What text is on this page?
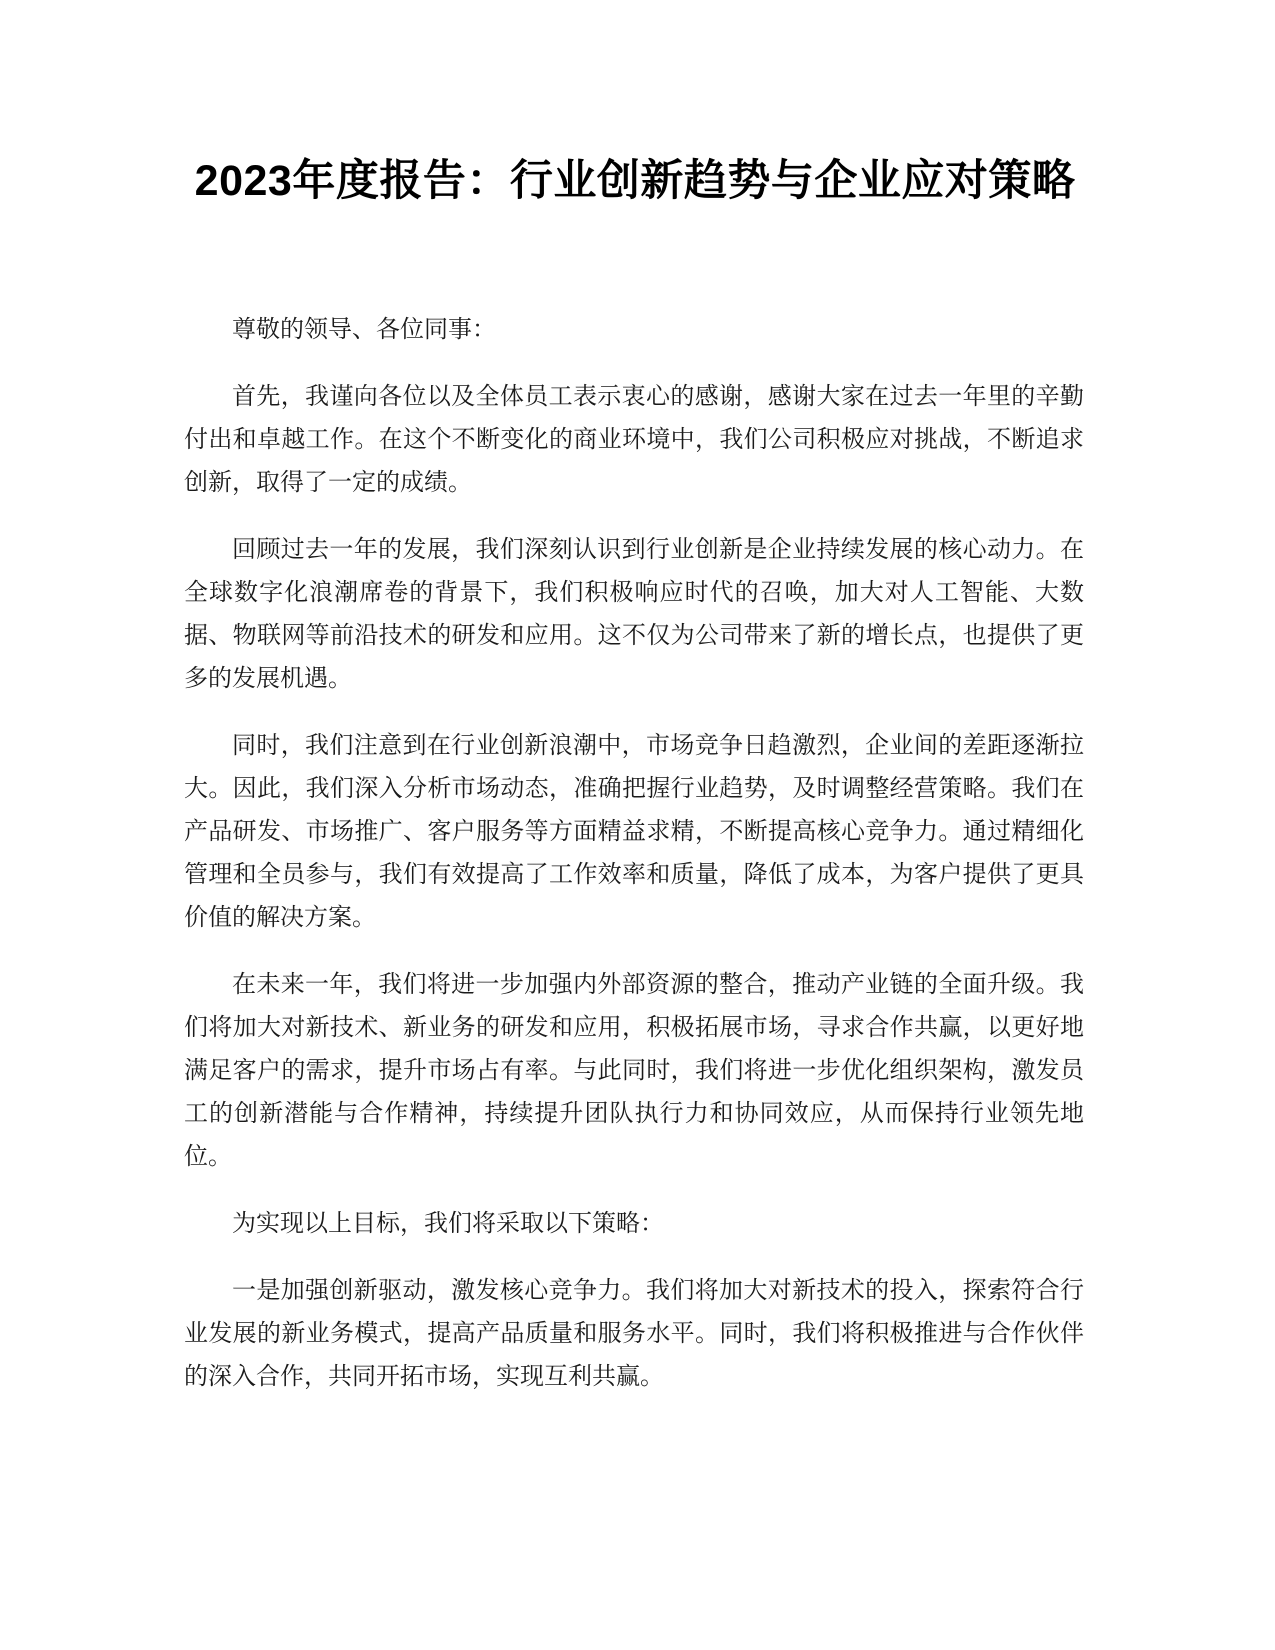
2023年度报告：行业创新趋势与企业应对策略

尊敬的领导、各位同事：

首先，我谨向各位以及全体员工表示衷心的感谢，感谢大家在过去一年里的辛勤付出和卓越工作。在这个不断变化的商业环境中，我们公司积极应对挑战，不断追求创新，取得了一定的成绩。

回顾过去一年的发展，我们深刻认识到行业创新是企业持续发展的核心动力。在全球数字化浪潮席卷的背景下，我们积极响应时代的召唤，加大对人工智能、大数据、物联网等前沿技术的研发和应用。这不仅为公司带来了新的增长点，也提供了更多的发展机遇。

同时，我们注意到在行业创新浪潮中，市场竞争日趋激烈，企业间的差距逐渐拉大。因此，我们深入分析市场动态，准确把握行业趋势，及时调整经营策略。我们在产品研发、市场推广、客户服务等方面精益求精，不断提高核心竞争力。通过精细化管理和全员参与，我们有效提高了工作效率和质量，降低了成本，为客户提供了更具价值的解决方案。

在未来一年，我们将进一步加强内外部资源的整合，推动产业链的全面升级。我们将加大对新技术、新业务的研发和应用，积极拓展市场，寻求合作共赢，以更好地满足客户的需求，提升市场占有率。与此同时，我们将进一步优化组织架构，激发员工的创新潜能与合作精神，持续提升团队执行力和协同效应，从而保持行业领先地位。

为实现以上目标，我们将采取以下策略：

一是加强创新驱动，激发核心竞争力。我们将加大对新技术的投入，探索符合行业发展的新业务模式，提高产品质量和服务水平。同时，我们将积极推进与合作伙伴的深入合作，共同开拓市场，实现互利共赢。
